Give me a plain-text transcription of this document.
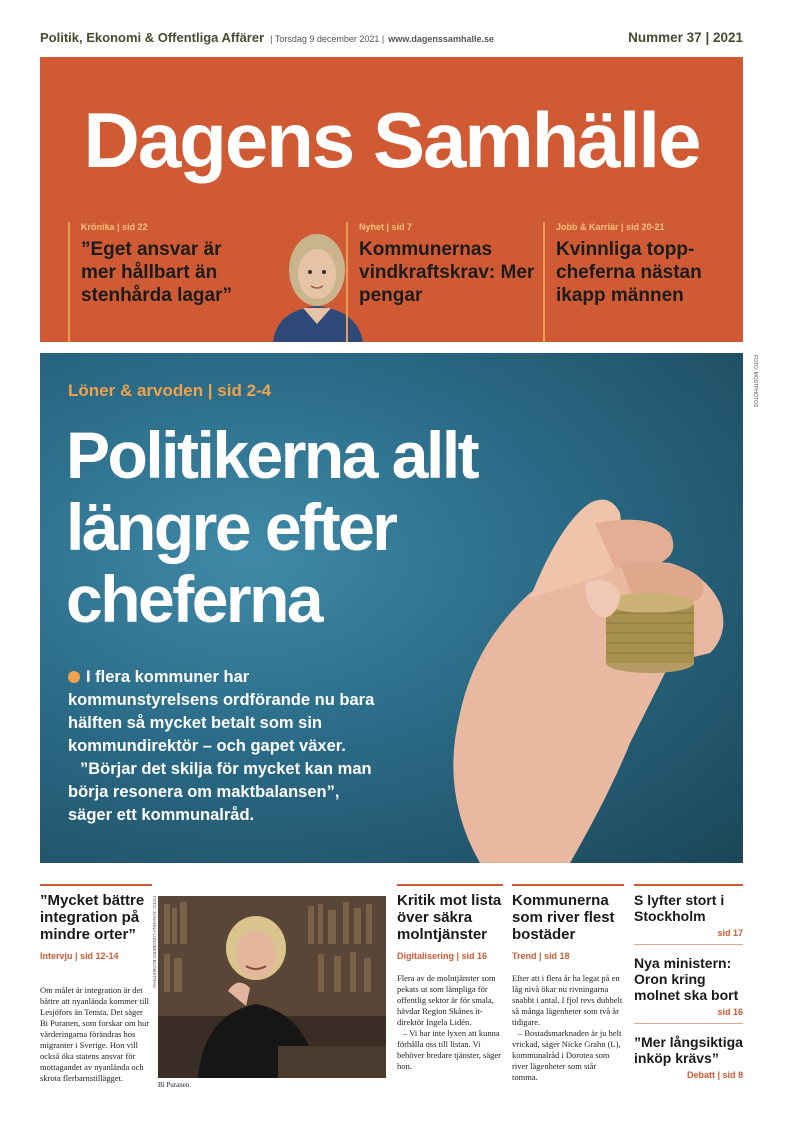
Politik, Ekonomi & Offentliga Affärer | Torsdag 9 december 2021 | www.dagenssamhalle.se	Nummer 37 | 2021
Dagens Samhälle
Krönika | sid 22
”Eget ansvar är mer hållbart än stenhårda lagar”
Nyhet | sid 7
Kommunernas vindkraftskrav: Mer pengar
Jobb & Karriär | sid 20-21
Kvinnliga toppcheferna nästan ikapp männen
Löner & arvoden | sid 2-4
Politikerna allt längre efter cheferna
I flera kommuner har kommunstyrelsens ordförande nu bara hälften så mycket betalt som sin kommundirektör – och gapet växer.
”Börjar det skilja för mycket kan man börja resonera om maktbalansen”, säger ett kommunalråd.
FOTO: MOSTPHOTOS
”Mycket bättre integration på mindre orter”
Intervju | sid 12-14
Om målet är integration är det bättre att nyanlända kommer till Lesjöfors än Tensta. Det säger Bi Puranen, som forskar om hur värderingarna förändras hos migranter i Sverige. Hon vill också öka statens ansvar för mottagandet av nyanlända och skrota flerbarnstillägget.
FOTO: JOHANNA LUNDBERG BLÖMSTRAN
Bi Puranen.
Kritik mot lista över säkra molntjänster
Digitalisering | sid 16
Flera av de molntjänster som pekats ut som lämpliga för offentlig sektor är för smala, hävdar Region Skånes it-direktör Ingela Lidén.
– Vi har inte lyxen att kunna förhålla oss till listan. Vi behöver bredare tjänster, säger hon.
Kommunerna som river flest bostäder
Trend | sid 18
Efter att i flera år ha legat på en låg nivå ökar nu rivningarna snabbt i antal. I fjol revs dubbelt så många lägenheter som två år tidigare.
– Bostadsmarknaden är ju helt vrickad, säger Nicke Grahn (L), kommunalråd i Dorotea som river lägenheter som står tomma.
S lyfter stort i Stockholm
sid 17
Nya ministern: Oron kring molnet ska bort
sid 16
”Mer långsiktiga inköp krävs”
Debatt | sid 8
